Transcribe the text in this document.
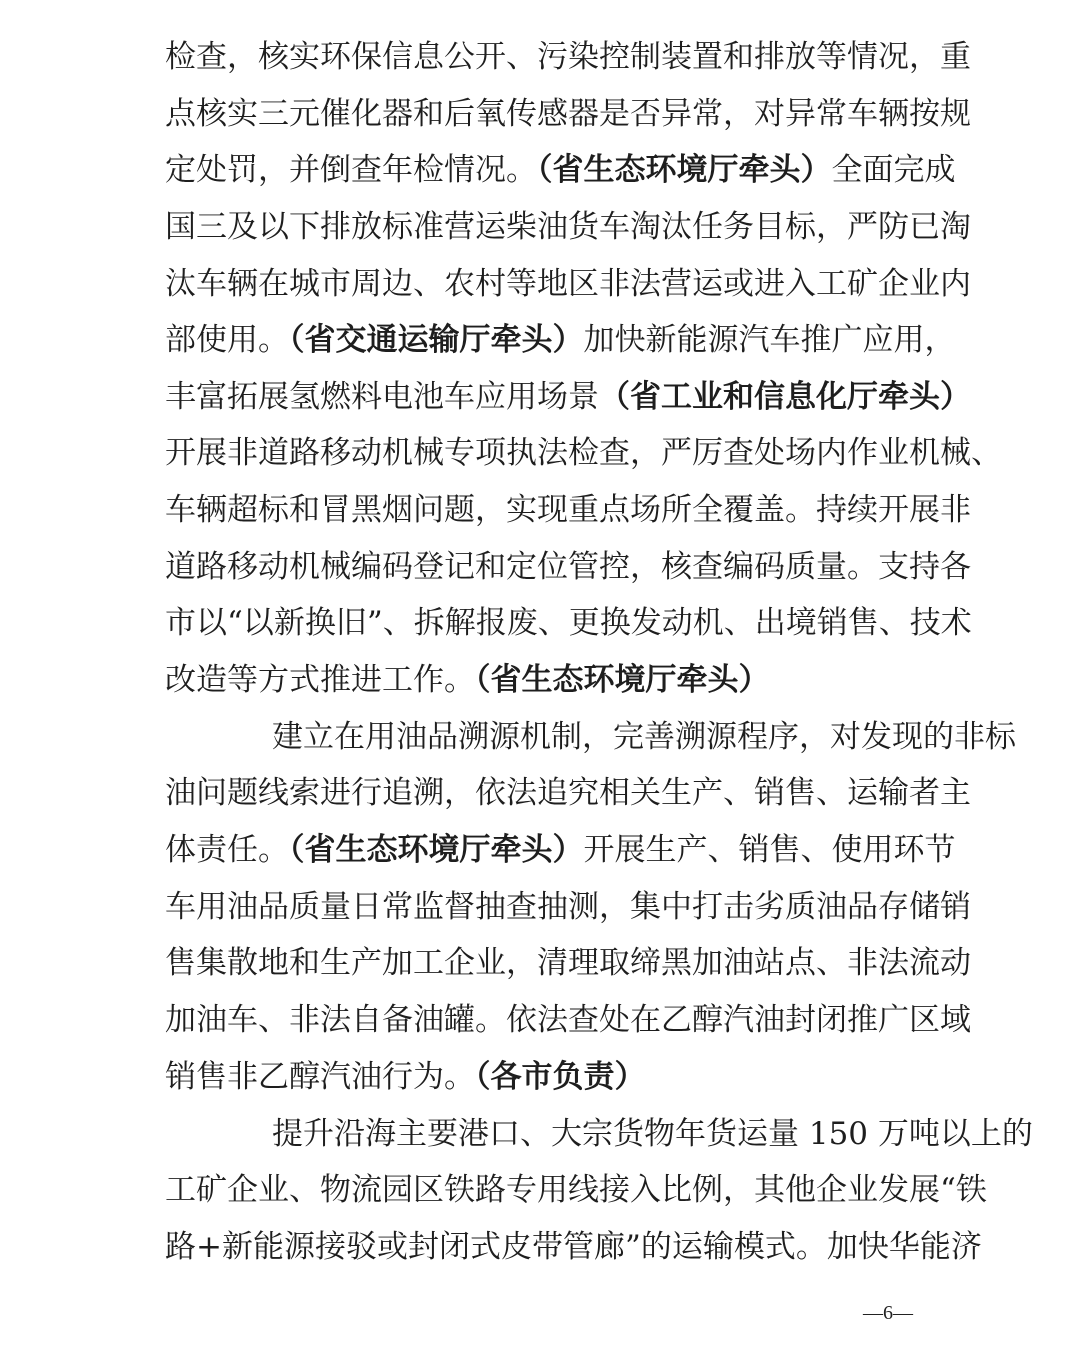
检查，核实环保信息公开、污染控制装置和排放等情况，重
点核实三元催化器和后氧传感器是否异常，对异常车辆按规
定处罚，并倒查年检情况。（省生态环境厅牵头）全面完成
国三及以下排放标准营运柴油货车淘汰任务目标，严防已淘
汰车辆在城市周边、农村等地区非法营运或进入工矿企业内
部使用。（省交通运输厅牵头）加快新能源汽车推广应用，
丰富拓展氢燃料电池车应用场景（省工业和信息化厅牵头）
开展非道路移动机械专项执法检查，严厉查处场内作业机械、
车辆超标和冒黑烟问题，实现重点场所全覆盖。持续开展非
道路移动机械编码登记和定位管控，核查编码质量。支持各
市以“以新换旧”、拆解报废、更换发动机、出境销售、技术
改造等方式推进工作。（省生态环境厅牵头）
建立在用油品溯源机制，完善溯源程序，对发现的非标
油问题线索进行追溯，依法追究相关生产、销售、运输者主
体责任。（省生态环境厅牵头）开展生产、销售、使用环节
车用油品质量日常监督抽查抽测，集中打击劣质油品存储销
售集散地和生产加工企业，清理取缔黑加油站点、非法流动
加油车、非法自备油罐。依法查处在乙醇汽油封闭推广区域
销售非乙醇汽油行为。（各市负责）
提升沿海主要港口、大宗货物年货运量 150 万吨以上的
工矿企业、物流园区铁路专用线接入比例，其他企业发展“铁
路+新能源接驳或封闭式皮带管廊”的运输模式。加快华能济
—6—
